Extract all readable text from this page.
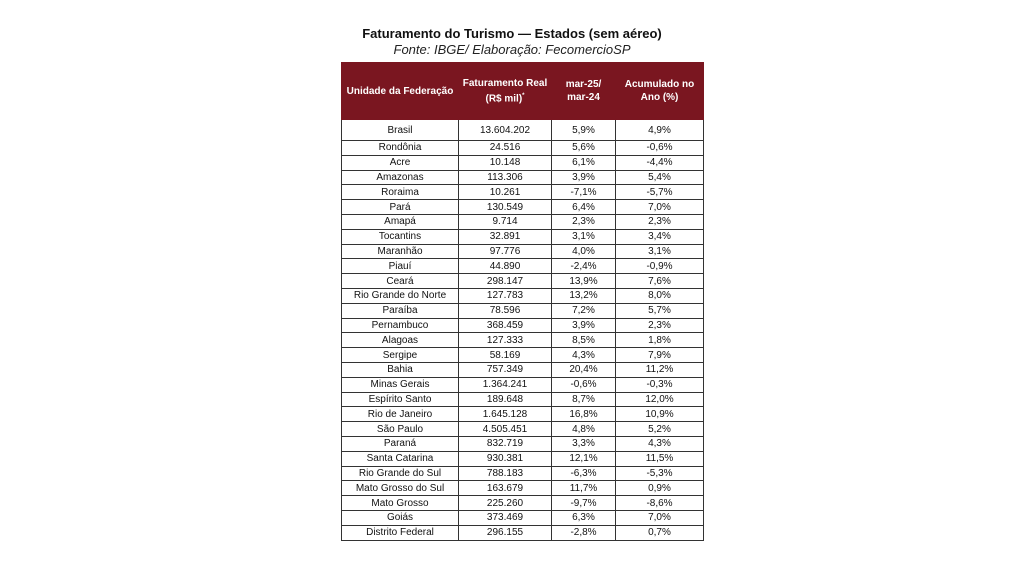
Faturamento do Turismo — Estados (sem aéreo)
Fonte: IBGE/ Elaboração: FecomercioSP
Unidade da Federação	Faturamento Real (R$ mil)*	mar-25/ mar-24	Acumulado no Ano (%)
Brasil	13.604.202	5,9%	4,9%
Rondônia	24.516	5,6%	-0,6%
Acre	10.148	6,1%	-4,4%
Amazonas	113.306	3,9%	5,4%
Roraima	10.261	-7,1%	-5,7%
Pará	130.549	6,4%	7,0%
Amapá	9.714	2,3%	2,3%
Tocantins	32.891	3,1%	3,4%
Maranhão	97.776	4,0%	3,1%
Piauí	44.890	-2,4%	-0,9%
Ceará	298.147	13,9%	7,6%
Rio Grande do Norte	127.783	13,2%	8,0%
Paraíba	78.596	7,2%	5,7%
Pernambuco	368.459	3,9%	2,3%
Alagoas	127.333	8,5%	1,8%
Sergipe	58.169	4,3%	7,9%
Bahia	757.349	20,4%	11,2%
Minas Gerais	1.364.241	-0,6%	-0,3%
Espírito Santo	189.648	8,7%	12,0%
Rio de Janeiro	1.645.128	16,8%	10,9%
São Paulo	4.505.451	4,8%	5,2%
Paraná	832.719	3,3%	4,3%
Santa Catarina	930.381	12,1%	11,5%
Rio Grande do Sul	788.183	-6,3%	-5,3%
Mato Grosso do Sul	163.679	11,7%	0,9%
Mato Grosso	225.260	-9,7%	-8,6%
Goiás	373.469	6,3%	7,0%
Distrito Federal	296.155	-2,8%	0,7%
